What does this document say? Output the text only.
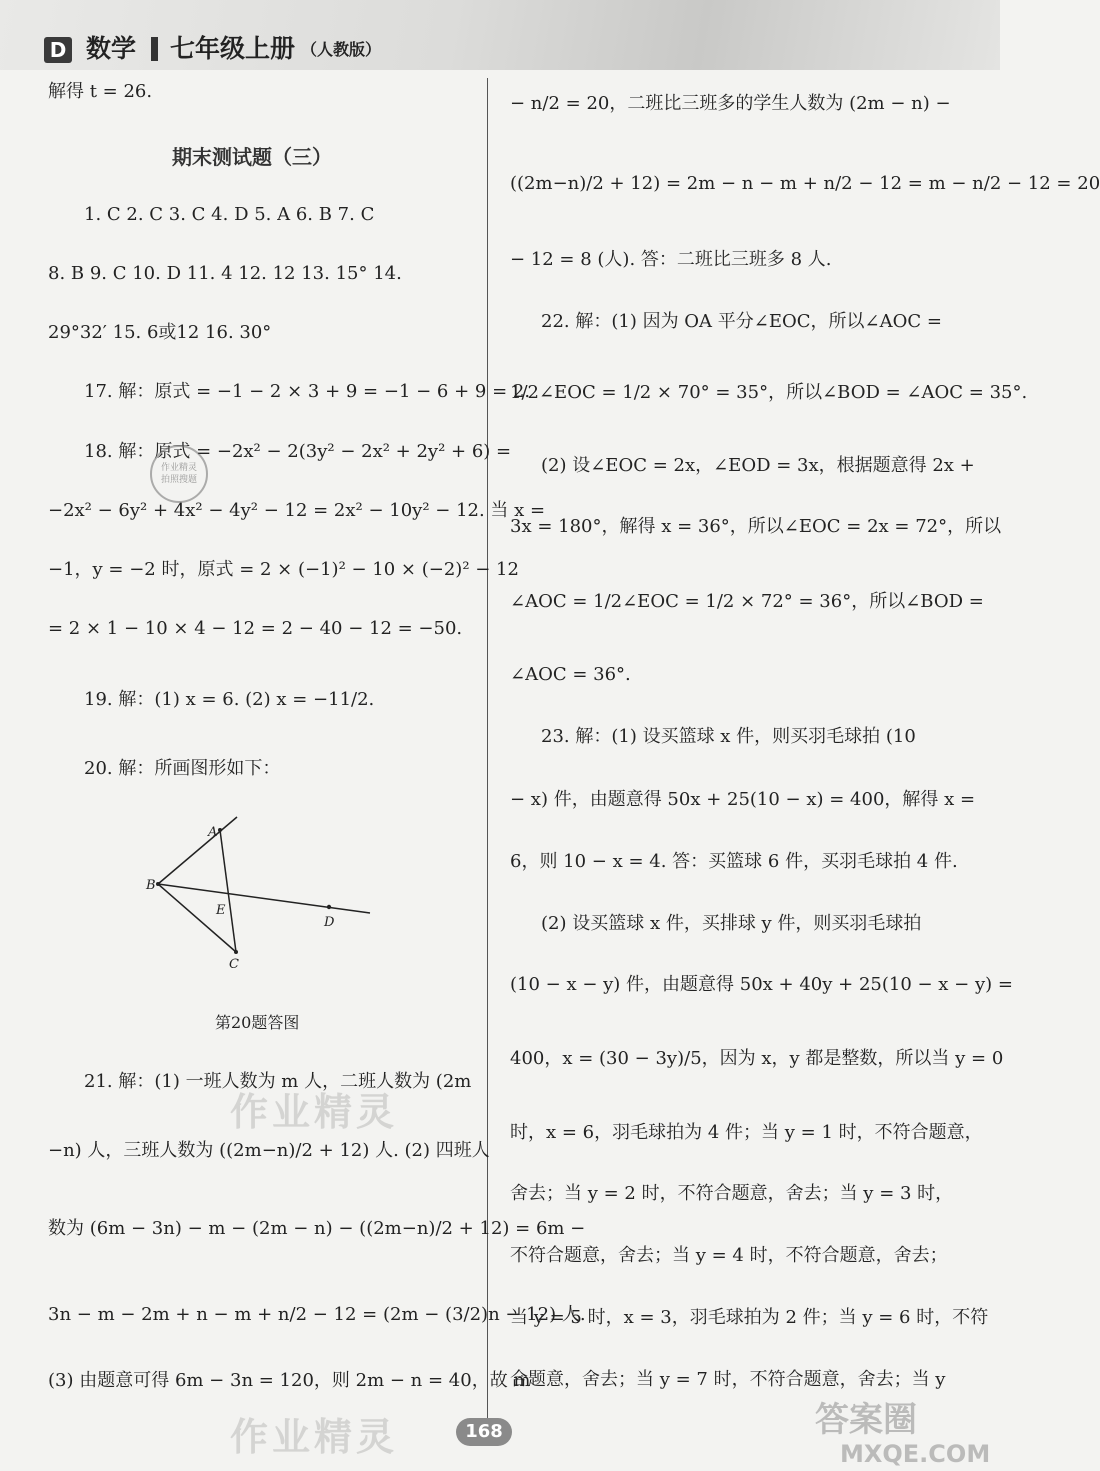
D 数学 七年级上册 （人教版）
解得 t = 26.
期末测试题（三）
1. C 2. C 3. C 4. D 5. A 6. B 7. C
8. B 9. C 10. D 11. 4 12. 12 13. 15° 14.
29°32′ 15. 6或12 16. 30°
17. 解：原式 = −1 − 2 × 3 + 9 = −1 − 6 + 9 = 2.
18. 解：原式 = −2x² − 2(3y² − 2x² + 2y² + 6) =
−2x² − 6y² + 4x² − 4y² − 12 = 2x² − 10y² − 12. 当 x =
−1，y = −2 时，原式 = 2 × (−1)² − 10 × (−2)² − 12
= 2 × 1 − 10 × 4 − 12 = 2 − 40 − 12 = −50.
19. 解：(1) x = 6. (2) x = −11/2.
20. 解：所画图形如下：
A
B
E
D
C
第20题答图
21. 解：(1) 一班人数为 m 人，二班人数为 (2m
−n) 人，三班人数为 ((2m−n)/2 + 12) 人. (2) 四班人
数为 (6m − 3n) − m − (2m − n) − ((2m−n)/2 + 12) = 6m −
3n − m − 2m + n − m + n/2 − 12 = (2m − (3/2)n − 12) 人.
(3) 由题意可得 6m − 3n = 120，则 2m − n = 40，故 m
− n/2 = 20，二班比三班多的学生人数为 (2m − n) −
((2m−n)/2 + 12) = 2m − n − m + n/2 − 12 = m − n/2 − 12 = 20
− 12 = 8 (人). 答：二班比三班多 8 人.
22. 解：(1) 因为 OA 平分∠EOC，所以∠AOC =
1/2∠EOC = 1/2 × 70° = 35°，所以∠BOD = ∠AOC = 35°.
(2) 设∠EOC = 2x，∠EOD = 3x，根据题意得 2x +
3x = 180°，解得 x = 36°，所以∠EOC = 2x = 72°，所以
∠AOC = 1/2∠EOC = 1/2 × 72° = 36°，所以∠BOD =
∠AOC = 36°.
23. 解：(1) 设买篮球 x 件，则买羽毛球拍 (10
− x) 件，由题意得 50x + 25(10 − x) = 400，解得 x =
6，则 10 − x = 4. 答：买篮球 6 件，买羽毛球拍 4 件.
(2) 设买篮球 x 件，买排球 y 件，则买羽毛球拍
(10 − x − y) 件，由题意得 50x + 40y + 25(10 − x − y) =
400，x = (30 − 3y)/5，因为 x，y 都是整数，所以当 y = 0
时，x = 6，羽毛球拍为 4 件；当 y = 1 时，不符合题意，
舍去；当 y = 2 时，不符合题意，舍去；当 y = 3 时，
不符合题意，舍去；当 y = 4 时，不符合题意，舍去；
当 y = 5 时，x = 3，羽毛球拍为 2 件；当 y = 6 时，不符
合题意，舍去；当 y = 7 时，不符合题意，舍去；当 y
作业精灵 拍照搜题
作业精灵
作业精灵	168	答案圈
MXQE.COM
